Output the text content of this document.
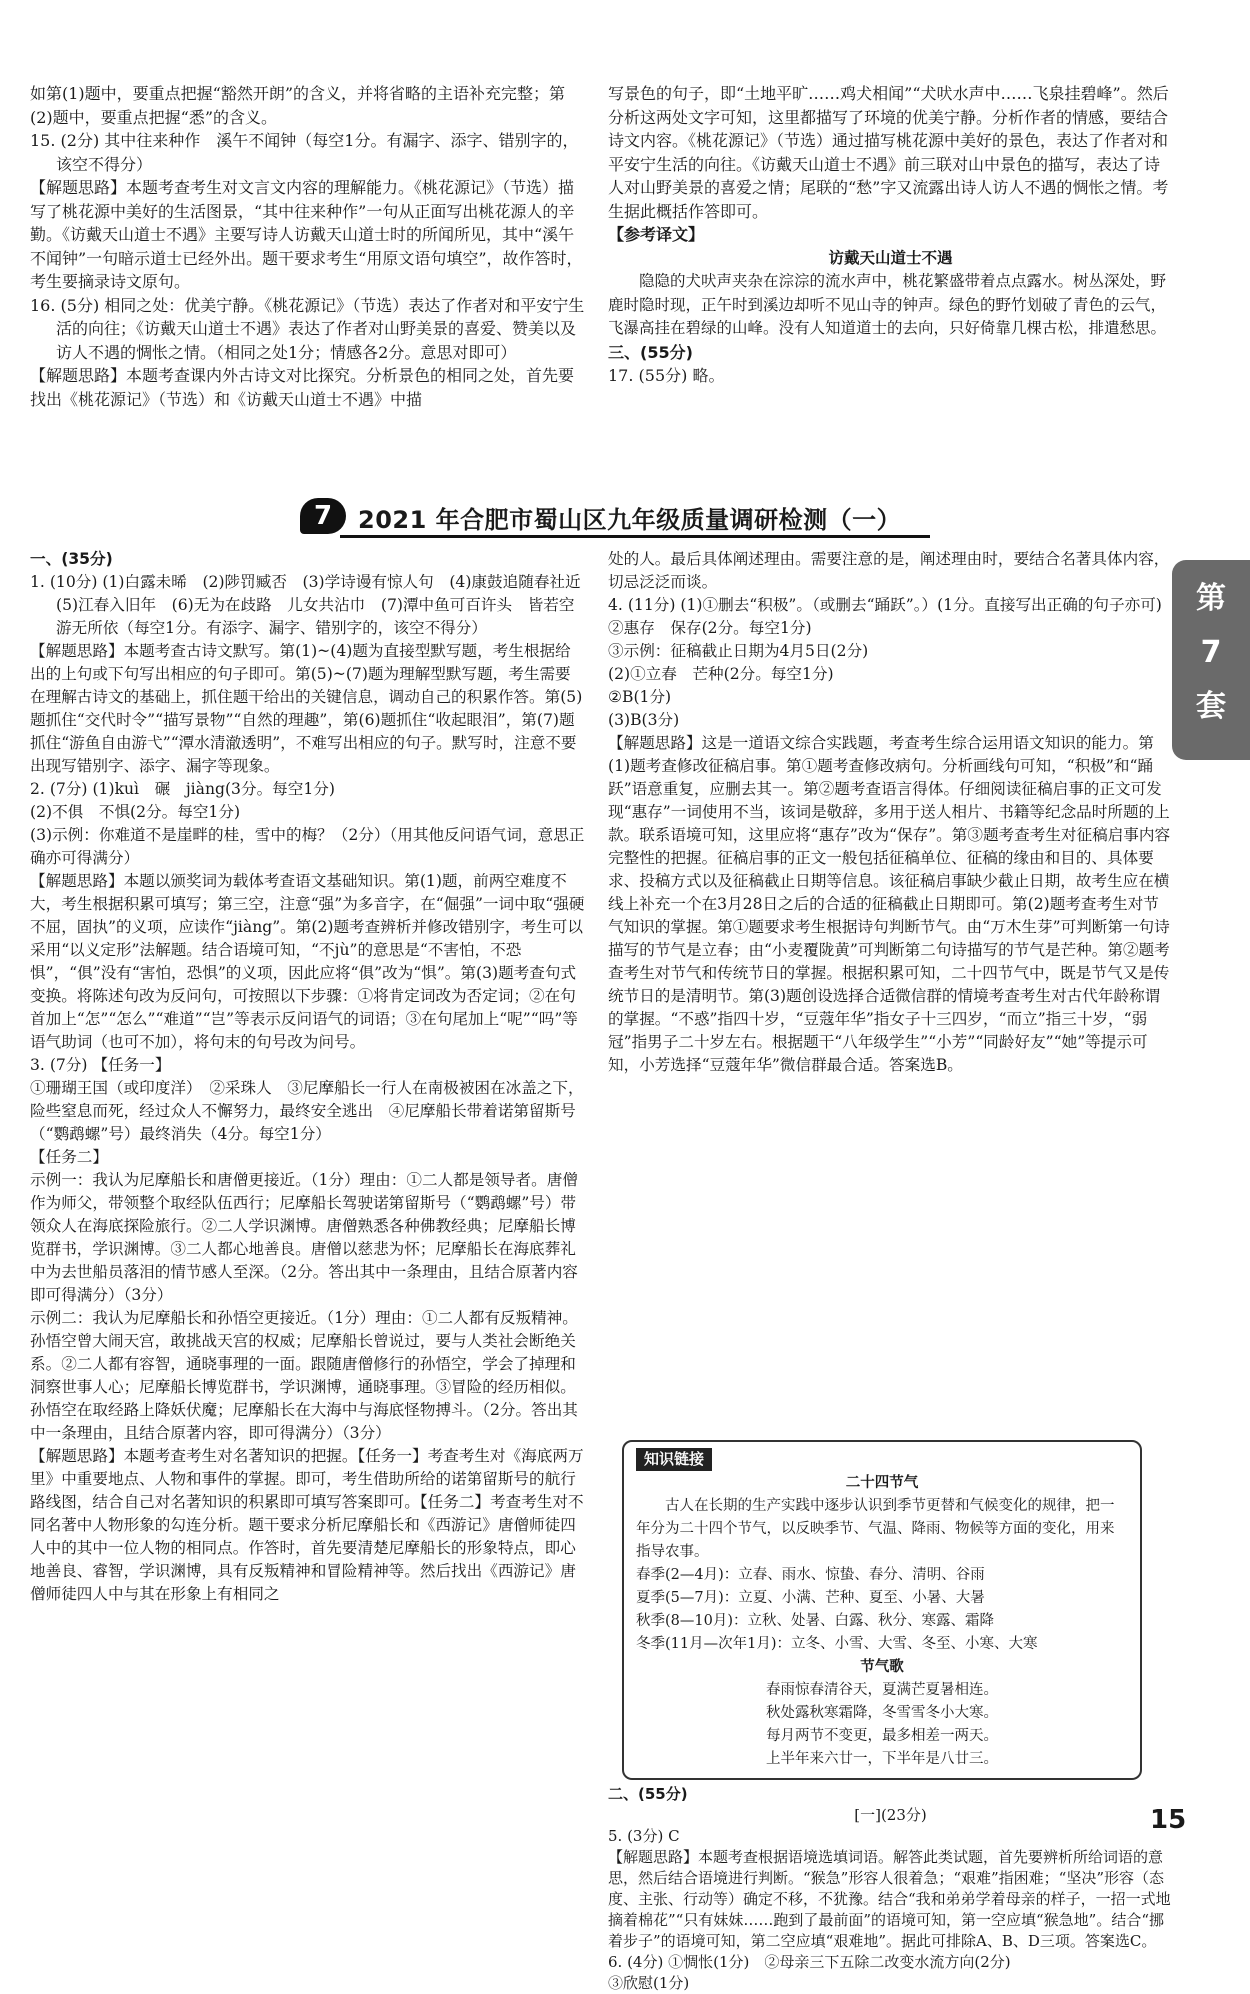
如第(1)题中，要重点把握“豁然开朗”的含义，并将省略的主语补充完整；第(2)题中，要重点把握“悉”的含义。

15. (2分) 其中往来种作　溪午不闻钟（每空1分。有漏字、添字、错别字的，该空不得分）

【解题思路】本题考查考生对文言文内容的理解能力。《桃花源记》（节选）描写了桃花源中美好的生活图景，“其中往来种作”一句从正面写出桃花源人的辛勤。《访戴天山道士不遇》主要写诗人访戴天山道士时的所闻所见，其中“溪午不闻钟”一句暗示道士已经外出。题干要求考生“用原文语句填空”，故作答时，考生要摘录诗文原句。

16. (5分) 相同之处：优美宁静。《桃花源记》（节选）表达了作者对和平安宁生活的向往；《访戴天山道士不遇》表达了作者对山野美景的喜爱、赞美以及访人不遇的惆怅之情。（相同之处1分；情感各2分。意思对即可）

【解题思路】本题考查课内外古诗文对比探究。分析景色的相同之处，首先要找出《桃花源记》（节选）和《访戴天山道士不遇》中描

写景色的句子，即“土地平旷……鸡犬相闻”“犬吠水声中……飞泉挂碧峰”。然后分析这两处文字可知，这里都描写了环境的优美宁静。分析作者的情感，要结合诗文内容。《桃花源记》（节选）通过描写桃花源中美好的景色，表达了作者对和平安宁生活的向往。《访戴天山道士不遇》前三联对山中景色的描写，表达了诗人对山野美景的喜爱之情；尾联的“愁”字又流露出诗人访人不遇的惆怅之情。考生据此概括作答即可。

【参考译文】

访戴天山道士不遇

隐隐的犬吠声夹杂在淙淙的流水声中，桃花繁盛带着点点露水。树丛深处，野鹿时隐时现，正午时到溪边却听不见山寺的钟声。绿色的野竹划破了青色的云气，飞瀑高挂在碧绿的山峰。没有人知道道士的去向，只好倚靠几棵古松，排遣愁思。

三、(55分)

17. (55分) 略。

7	2021 年合肥市蜀山区九年级质量调研检测（一）
第
7
套

一、(35分)

1. (10分) (1)白露未晞　(2)陟罚臧否　(3)学诗谩有惊人句　(4)康鼓追随春社近　(5)江春入旧年　(6)无为在歧路　儿女共沾巾　(7)潭中鱼可百许头　皆若空游无所依（每空1分。有添字、漏字、错别字的，该空不得分）

【解题思路】本题考查古诗文默写。第(1)~(4)题为直接型默写题，考生根据给出的上句或下句写出相应的句子即可。第(5)~(7)题为理解型默写题，考生需要在理解古诗文的基础上，抓住题干给出的关键信息，调动自己的积累作答。第(5)题抓住“交代时令”“描写景物”“自然的理趣”，第(6)题抓住“收起眼泪”，第(7)题抓住“游鱼自由游弋”“潭水清澈透明”，不难写出相应的句子。默写时，注意不要出现写错别字、添字、漏字等现象。

2. (7分) (1)kuì　碾　jiàng(3分。每空1分)

(2)不俱　不惧(2分。每空1分)

(3)示例：你难道不是崖畔的桂，雪中的梅？（2分）（用其他反问语气词，意思正确亦可得满分）

【解题思路】本题以颁奖词为载体考查语文基础知识。第(1)题，前两空难度不大，考生根据积累可填写；第三空，注意“强”为多音字，在“倔强”一词中取“强硬不屈，固执”的义项，应读作“jiàng”。第(2)题考查辨析并修改错别字，考生可以采用“以义定形”法解题。结合语境可知，“不jù”的意思是“不害怕，不恐惧”，“俱”没有“害怕，恐惧”的义项，因此应将“俱”改为“惧”。第(3)题考查句式变换。将陈述句改为反问句，可按照以下步骤：①将肯定词改为否定词；②在句首加上“怎”“怎么”“难道”“岂”等表示反问语气的词语；③在句尾加上“呢”“吗”等语气助词（也可不加），将句末的句号改为问号。

3. (7分) 【任务一】

①珊瑚王国（或印度洋）　②采珠人　③尼摩船长一行人在南极被困在冰盖之下，险些窒息而死，经过众人不懈努力，最终安全逃出　④尼摩船长带着诺第留斯号（“鹦鹉螺”号）最终消失（4分。每空1分）

【任务二】

示例一：我认为尼摩船长和唐僧更接近。（1分）理由：①二人都是领导者。唐僧作为师父，带领整个取经队伍西行；尼摩船长驾驶诺第留斯号（“鹦鹉螺”号）带领众人在海底探险旅行。②二人学识渊博。唐僧熟悉各种佛教经典；尼摩船长博览群书，学识渊博。③二人都心地善良。唐僧以慈悲为怀；尼摩船长在海底葬礼中为去世船员落泪的情节感人至深。（2分。答出其中一条理由，且结合原著内容即可得满分）（3分）

示例二：我认为尼摩船长和孙悟空更接近。（1分）理由：①二人都有反叛精神。孙悟空曾大闹天宫，敢挑战天宫的权威；尼摩船长曾说过，要与人类社会断绝关系。②二人都有容智，通晓事理的一面。跟随唐僧修行的孙悟空，学会了掉理和洞察世事人心；尼摩船长博览群书，学识渊博，通晓事理。③冒险的经历相似。孙悟空在取经路上降妖伏魔；尼摩船长在大海中与海底怪物搏斗。（2分。答出其中一条理由，且结合原著内容，即可得满分）（3分）

【解题思路】本题考查考生对名著知识的把握。【任务一】考查考生对《海底两万里》中重要地点、人物和事件的掌握。即可，考生借助所给的诺第留斯号的航行路线图，结合自己对名著知识的积累即可填写答案即可。【任务二】考查考生对不同名著中人物形象的勾连分析。题干要求分析尼摩船长和《西游记》唐僧师徒四人中的其中一位人物的相同点。作答时，首先要清楚尼摩船长的形象特点，即心地善良、睿智，学识渊博，具有反叛精神和冒险精神等。然后找出《西游记》唐僧师徒四人中与其在形象上有相同之

处的人。最后具体阐述理由。需要注意的是，阐述理由时，要结合名著具体内容，切忌泛泛而谈。

4. (11分) (1)①删去“积极”。（或删去“踊跃”。）(1分。直接写出正确的句子亦可)

②惠存　保存(2分。每空1分)

③示例：征稿截止日期为4月5日(2分)

(2)①立春　芒种(2分。每空1分)

②B(1分)

(3)B(3分)

【解题思路】这是一道语文综合实践题，考查考生综合运用语文知识的能力。第(1)题考查修改征稿启事。第①题考查修改病句。分析画线句可知，“积极”和“踊跃”语意重复，应删去其一。第②题考查语言得体。仔细阅读征稿启事的正文可发现“惠存”一词使用不当，该词是敬辞，多用于送人相片、书籍等纪念品时所题的上款。联系语境可知，这里应将“惠存”改为“保存”。第③题考查考生对征稿启事内容完整性的把握。征稿启事的正文一般包括征稿单位、征稿的缘由和目的、具体要求、投稿方式以及征稿截止日期等信息。该征稿启事缺少截止日期，故考生应在横线上补充一个在3月28日之后的合适的征稿截止日期即可。第(2)题考查考生对节气知识的掌握。第①题要求考生根据诗句判断节气。由“万木生芽”可判断第一句诗描写的节气是立春；由“小麦覆陇黄”可判断第二句诗描写的节气是芒种。第②题考查考生对节气和传统节日的掌握。根据积累可知，二十四节气中，既是节气又是传统节日的是清明节。第(3)题创设选择合适微信群的情境考查考生对古代年龄称谓的掌握。“不惑”指四十岁，“豆蔻年华”指女子十三四岁，“而立”指三十岁，“弱冠”指男子二十岁左右。根据题干“八年级学生”“小芳”“同龄好友”“她”等提示可知，小芳选择“豆蔻年华”微信群最合适。答案选B。

知识链接
二十四节气
古人在长期的生产实践中逐步认识到季节更替和气候变化的规律，把一年分为二十四个节气，以反映季节、气温、降雨、物候等方面的变化，用来指导农事。
春季(2—4月)：立春、雨水、惊蛰、春分、清明、谷雨
夏季(5—7月)：立夏、小满、芒种、夏至、小暑、大暑
秋季(8—10月)：立秋、处暑、白露、秋分、寒露、霜降
冬季(11月—次年1月)：立冬、小雪、大雪、冬至、小寒、大寒
节气歌
春雨惊春清谷天，夏满芒夏暑相连。
秋处露秋寒霜降，冬雪雪冬小大寒。
每月两节不变更，最多相差一两天。
上半年来六廿一，下半年是八廿三。
15

二、(55分)

[一](23分)

5. (3分) C

【解题思路】本题考查根据语境选填词语。解答此类试题，首先要辨析所给词语的意思，然后结合语境进行判断。“猴急”形容人很着急；“艰难”指困难；“坚决”形容（态度、主张、行动等）确定不移，不犹豫。结合“我和弟弟学着母亲的样子，一招一式地摘着棉花”“只有妹妹……跑到了最前面”的语境可知，第一空应填“猴急地”。结合“挪着步子”的语境可知，第二空应填“艰难地”。据此可排除A、B、D三项。答案选C。

6. (4分) ①惆怅(1分)　②母亲三下五除二改变水流方向(2分)

③欣慰(1分)
